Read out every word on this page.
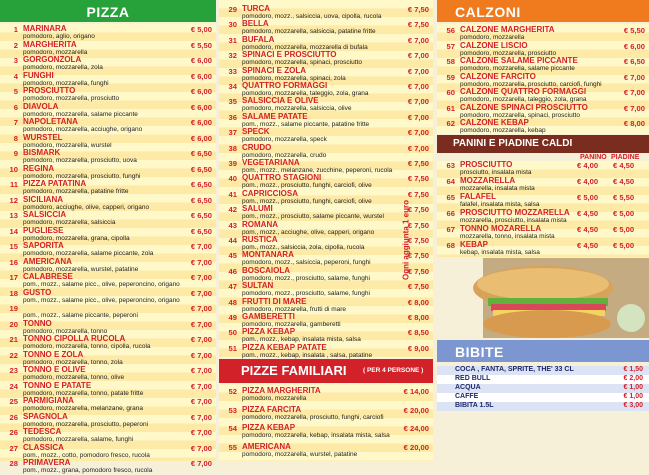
PIZZA
1 MARINARA
pomodoro, aglio, origano
€ 5,00
2 MARGHERITA
pomodoro, mozzarella
€ 5,50
3 GORGONZOLA
pomodoro, mozzarella, zola
€ 6,00
4 FUNGHI
pomodoro, mozzarella, funghi
€ 6,00
5 PROSCIUTTO
pomodoro, mozzarella, prosciutto
€ 6,00
6 DIAVOLA
pomodoro, mozzarella, salame piccante
€ 6,00
7 NAPOLETANA
pomodoro, mozzarella, acciughe, origano
€ 6,00
8 WURSTEL
pomodoro, mozzarella, wurstel
€ 6,00
9 BISMARK
pomodoro, mozzarella, prosciutto, uova
€ 6,50
10 REGINA
pomodoro, mozzarella, prosciutto, funghi
€ 6,50
11 PIZZA PATATINA
pomodoro, mozzarella, patatine fritte
€ 6,50
12 SICILIANA
pomodoro, acciughe, olive, capperi, origano
€ 6,50
13 SALSICCIA
pomodoro, mozzarella, salsiccia
€ 6,50
14 PUGLIESE
pomodoro, mozzarella, grana, cipolla
€ 6,50
15 SAPORITA
pomodoro, mozzarella, salame piccante, zola
€ 7,00
16 AMERICANA
pomodoro, mozzarella, wurstel, patatine
€ 7,00
17 CALABRESE
pom., mozz., salame picc., olive, peperoncino, origano
€ 7,00
18 GUSTO
pom., mozz., salame picc., olive, peperoncino, origano
€ 7,00
19
pom., mozz., salame piccante, peperoni
€ 7,00
20 TONNO
pomodoro, mozzarella, tonno
€ 7,00
21 TONNO CIPOLLA RUCOLA
pomodoro, mozzarella, tonno, cipolla, rucola
€ 7,00
22 TONNO E ZOLA
pomodoro, mozzarella, tonno, zola
€ 7,00
23 TONNO E OLIVE
pomodoro, mozzarella, tonno, olive
€ 7,00
24 TONNO E PATATE
pomodoro, mozzarella, tonno, patate fritte
€ 7,00
25 PARMIGIANA
pomodoro, mozzarella, melanzane, grana
€ 7,00
26 SPAGNOLA
pomodoro, mozzarella, prosciutto, peperoni
€ 7,00
26 TEDESCA
pomodoro, mozzarella, salame, funghi
€ 7,00
27 CLASSICA
pom., mozz., cotto, pomodoro fresco, rucola
€ 7,00
28 PRIMAVERA
pom., mozz., grana, pomodoro fresco, rucola
€ 7,00
29 TURCA
pomodoro, mozz., salsiccia, uova, cipolla, rucola
€ 7,50
30 BELLA
pomodoro, mozzarella, salsiccia, patatine fritte
€ 7,50
31 BUFALA
pomodoro, mozzarella, mozzarella di bufala
€ 7,00
32 SPINACI E PROSCIUTTO
pomodoro, mozzarella, spinaci, prosciutto
€ 7,00
33 SPINACI E ZOLA
pomodoro, mozzarella, spinaci, zola
€ 7,00
34 QUATTRO FORMAGGI
pomodoro, mozzarella, taleggio, zola, grana
€ 7,00
35 SALSICCIA E OLIVE
pomodoro, mozzarella, salsiccia, olive
€ 7,00
36 SALAME PATATE
pom., mozz., salame piccante, patatine fritte
€ 7,00
37 SPECK
pomodoro, mozzarella, speck
€ 7,00
38 CRUDO
pomodoro, mozzarella, crudo
€ 7,00
39 VEGETARIANA
pom., mozz., melanzane, zucchine, peperoni, rucola
€ 7,50
40 QUATTRO STAGIONI
pom., mozz., prosciutto, funghi, carciofi, olive
€ 7,50
41 CAPRICCIOSA
pom., mozz., prosciutto, funghi, carciofi, olive
€ 7,50
42 SALUMI
pom., mozz., prosciutto, salame piccante, wurstel
€ 7,50
43 ROMANA
pom., mozz., acciughe, olive, capperi, origano
€ 7,50
44 RUSTICA
pom., mozz., salsiccia, zola, cipolla, rucola
€ 7,50
45 MONTANARA
pomodoro, mozz., salsiccia, peperoni, funghi
€ 7,50
46 BOSCAIOLA
pomodoro, mozz., prosciutto, salame, funghi
€ 7,50
47 SULTAN
pomodoro, mozz., prosciutto, salame, funghi
€ 7,50
48 FRUTTI DI MARE
pomodoro, mozzarella, frutti di mare
€ 8,00
49 GAMBERETTI
pomodoro, mozzarella, gamberetti
€ 8,00
50 PIZZA KEBAP
pom., mozz., kebap, insalata mista, salsa
€ 8,50
51 PIZZA KEBAP PATATE
pom., mozz., kebap, insalata , salsa, patatine
€ 9,00
Ogni aggiunta 1 euro
PIZZE FAMILIARI	( PER 4 PERSONE )
52 PIZZA MARGHERITA
pomodoro, mozzarella
€ 14,00
53 PIZZA FARCITA
pomodoro, mozzarella, prosciutto, funghi, carciofi
€ 20,00
54 PIZZA KEBAP
pomodoro, mozzarella, kebap, insalata mista, salsa
€ 24,00
55 AMERICANA
pomodoro, mozzarella, wurstel, patatine
€ 20,00
CALZONI
56 CALZONE MARGHERITA
pomodoro, mozzarella
€ 5,50
57 CALZONE LISCIO
pomodoro, mozzarella, prosciutto
€ 6,00
58 CALZONE SALAME PICCANTE
pomodoro, mozzarella, salame piccante
€ 6,50
59 CALZONE FARCITO
pomodoro, mozzarella, prosciutto, carciofi, funghi
€ 7,00
60 CALZONE QUATTRO FORMAGGI
pomodoro, mozzarella, taleggio, zola, grana
€ 7,00
61 CALZONE SPINACI PROSCIUTTO
pomodoro, mozzarella, spinaci, prosciutto
€ 7,00
62 CALZONE KEBAP
pomodoro, mozzarella, kebap
€ 8,00
PANINI E PIADINE CALDI
PANINO PIADINE
63 PROSCIUTTO
prosciutto, insalata mista
€ 4,00 € 4,50
64 MOZZARELLA
mozzarella, insalata mista
€ 4,00 € 4,50
65 FALAFEL
falafel, insalata mista, salsa
€ 5,00 € 5,50
66 PROSCIUTTO MOZZARELLA
mozzarella, prosciutto, insalata mista
€ 4,50 € 5,00
67 TONNO MOZARELLA
mozzarella, tonno, insalata mista
€ 4,50 € 5,00
68 KEBAP
kebap, insalata mista, salsa
€ 4,50 € 5,00
BIBITE
COCA , FANTA, SPRITE, THE' 33 CL	€ 1,50
RED BULL	€ 2,00
ACQUA	€ 1,00
CAFFE	€ 1,00
BIBITA 1.5L	€ 3,00
